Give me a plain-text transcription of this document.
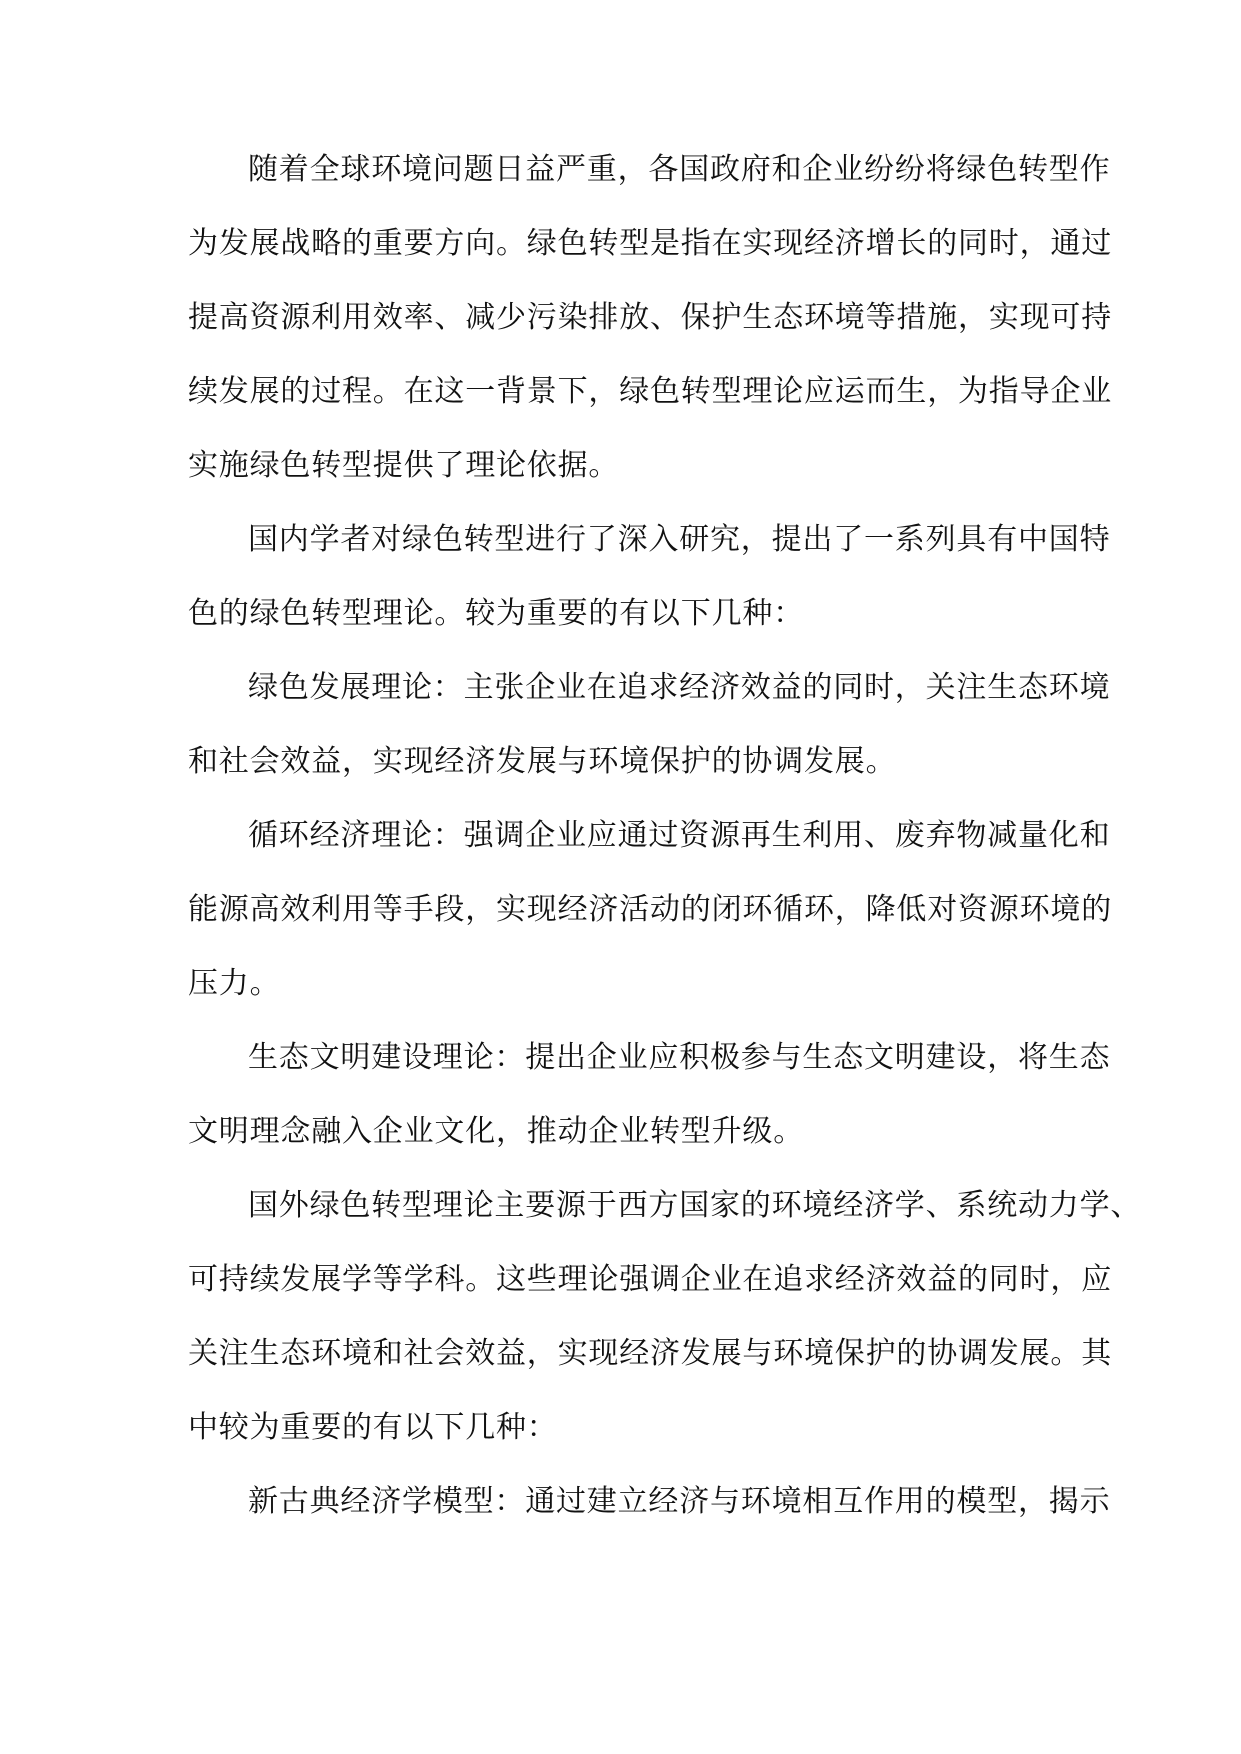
随着全球环境问题日益严重，各国政府和企业纷纷将绿色转型作
为发展战略的重要方向。绿色转型是指在实现经济增长的同时，通过
提高资源利用效率、减少污染排放、保护生态环境等措施，实现可持
续发展的过程。在这一背景下，绿色转型理论应运而生，为指导企业
实施绿色转型提供了理论依据。

国内学者对绿色转型进行了深入研究，提出了一系列具有中国特
色的绿色转型理论。较为重要的有以下几种：

绿色发展理论：主张企业在追求经济效益的同时，关注生态环境
和社会效益，实现经济发展与环境保护的协调发展。

循环经济理论：强调企业应通过资源再生利用、废弃物减量化和
能源高效利用等手段，实现经济活动的闭环循环，降低对资源环境的
压力。

生态文明建设理论：提出企业应积极参与生态文明建设，将生态
文明理念融入企业文化，推动企业转型升级。

国外绿色转型理论主要源于西方国家的环境经济学、系统动力学、
可持续发展学等学科。这些理论强调企业在追求经济效益的同时，应
关注生态环境和社会效益，实现经济发展与环境保护的协调发展。其
中较为重要的有以下几种：

新古典经济学模型：通过建立经济与环境相互作用的模型，揭示
